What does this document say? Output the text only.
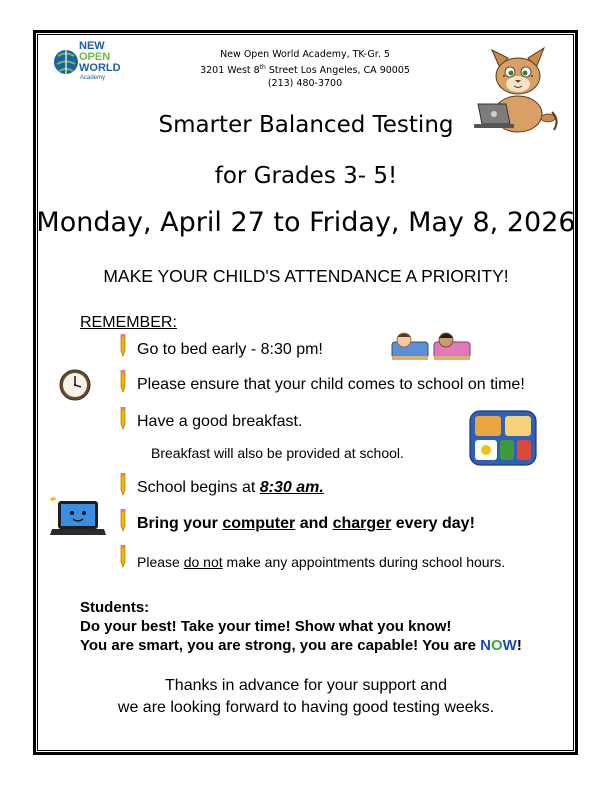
NEW
OPEN
WORLD
Academy
New Open World Academy, TK-Gr. 5
3201 West 8th Street Los Angeles, CA 90005
(213) 480-3700
Smarter Balanced Testing
for Grades 3- 5!
Monday, April 27 to Friday, May 8, 2026
MAKE YOUR CHILD'S ATTENDANCE A PRIORITY!
REMEMBER:
Go to bed early - 8:30 pm!
Please ensure that your child comes to school on time!
Have a good breakfast.
Breakfast will also be provided at school.
School begins at 8:30 am.
Bring your computer and charger every day!
Please do not make any appointments during school hours.
Students:
Do your best! Take your time! Show what you know!
You are smart, you are strong, you are capable! You are NOW!
Thanks in advance for your support and
we are looking forward to having good testing weeks.
